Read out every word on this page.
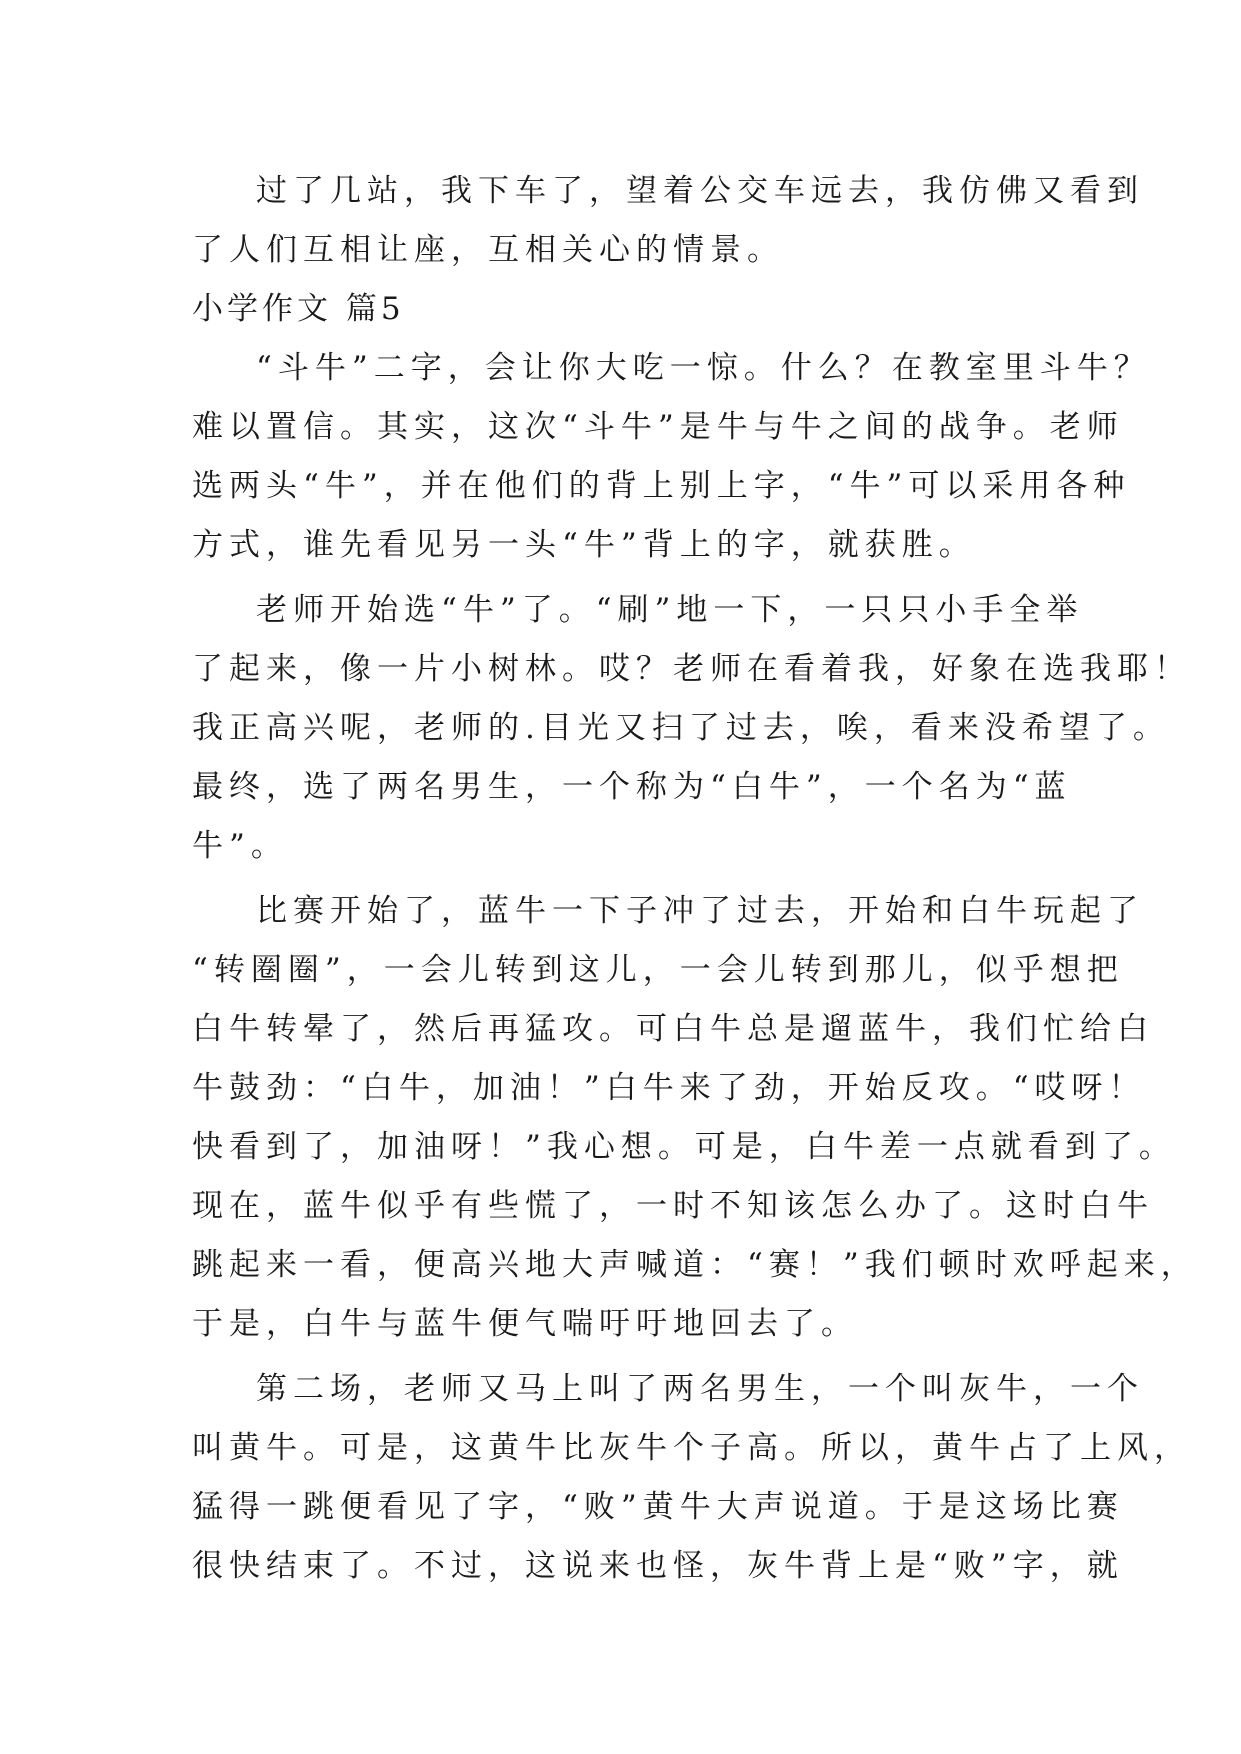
过了几站，我下车了，望着公交车远去，我仿佛又看到
了人们互相让座，互相关心的情景。
小学作文 篇5
“斗牛”二字，会让你大吃一惊。什么？在教室里斗牛？
难以置信。其实，这次“斗牛”是牛与牛之间的战争。老师
选两头“牛”，并在他们的背上别上字，“牛”可以采用各种
方式，谁先看见另一头“牛”背上的字，就获胜。
老师开始选“牛”了。“刷”地一下，一只只小手全举
了起来，像一片小树林。哎？老师在看着我，好象在选我耶！
我正高兴呢，老师的.目光又扫了过去，唉，看来没希望了。
最终，选了两名男生，一个称为“白牛”，一个名为“蓝
牛”。
比赛开始了，蓝牛一下子冲了过去，开始和白牛玩起了
“转圈圈”，一会儿转到这儿，一会儿转到那儿，似乎想把
白牛转晕了，然后再猛攻。可白牛总是遛蓝牛，我们忙给白
牛鼓劲：“白牛，加油！”白牛来了劲，开始反攻。“哎呀！
快看到了，加油呀！”我心想。可是，白牛差一点就看到了。
现在，蓝牛似乎有些慌了，一时不知该怎么办了。这时白牛
跳起来一看，便高兴地大声喊道：“赛！”我们顿时欢呼起来，
于是，白牛与蓝牛便气喘吁吁地回去了。
第二场，老师又马上叫了两名男生，一个叫灰牛，一个
叫黄牛。可是，这黄牛比灰牛个子高。所以，黄牛占了上风，
猛得一跳便看见了字，“败”黄牛大声说道。于是这场比赛
很快结束了。不过，这说来也怪，灰牛背上是“败”字，就
